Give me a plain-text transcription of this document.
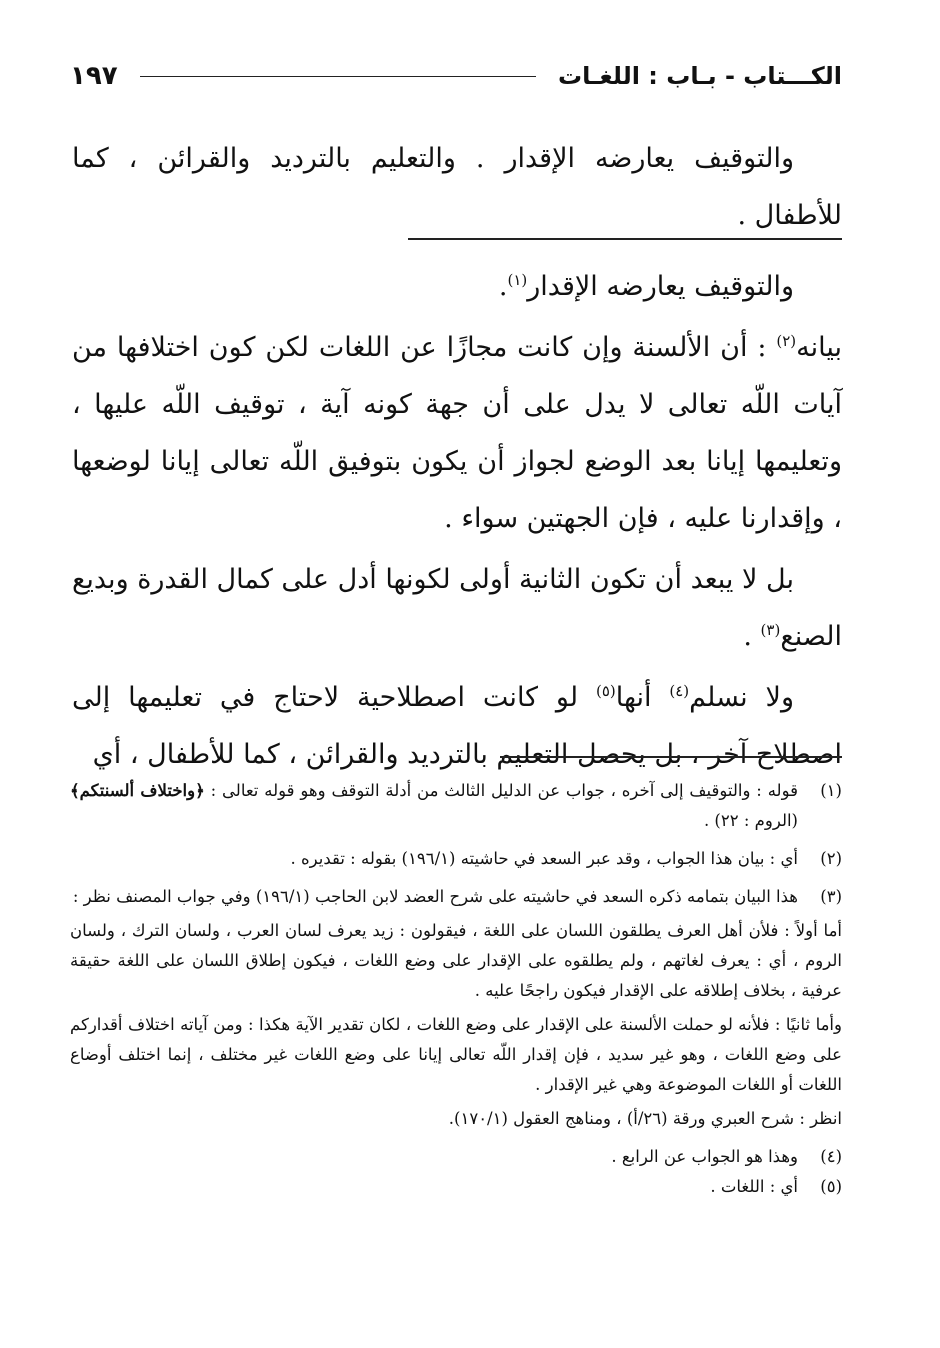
الكـــتاب - بـاب : اللغـات
١٩٧

والتوقيف يعارضه الإقدار . والتعليم بالترديد والقرائن ، كما

للأطفال .

والتوقيف يعارضه الإقدار$^{(١)}$.

بيانه$^{(٢)}$ : أن الألسنة وإن كانت مجازًا عن اللغات لكن كون اختلافها من آيات اللّه تعالى لا يدل على أن جهة كونه آية ، توقيف اللّه عليها ، وتعليمها إيانا بعد الوضع لجواز أن يكون بتوفيق اللّه تعالى إيانا لوضعها ، وإقدارنا عليه ، فإن الجهتين سواء .

بل لا يبعد أن تكون الثانية أولى لكونها أدل على كمال القدرة وبديع الصنع$^{(٣)}$ .

ولا نسلم$^{(٤)}$ أنها$^{(٥)}$ لو كانت اصطلاحية لاحتاج في تعليمها إلى اصطلاح آخر ، بل يحصل التعليم بالترديد والقرائن ، كما للأطفال ، أي

(١)قوله : والتوقيف إلى آخره ، جواب عن الدليل الثالث من أدلة التوقف وهو قوله تعالى : ﴿واختلاف ألسنتكم﴾ (الروم : ٢٢) .

(٢)أي : بيان هذا الجواب ، وقد عبر السعد في حاشيته (١٩٦/١) بقوله : تقديره .

(٣)هذا البيان بتمامه ذكره السعد في حاشيته على شرح العضد لابن الحاجب (١٩٦/١) وفي جواب المصنف نظر :

أما أولاً : فلأن أهل العرف يطلقون اللسان على اللغة ، فيقولون : زيد يعرف لسان العرب ، ولسان الترك ، ولسان الروم ، أي : يعرف لغاتهم ، ولم يطلقوه على الإقدار على وضع اللغات ، فيكون إطلاق اللسان على اللغة حقيقة عرفية ، بخلاف إطلاقه على الإقدار فيكون راجحًا عليه .

وأما ثانيًا : فلأنه لو حملت الألسنة على الإقدار على وضع اللغات ، لكان تقدير الآية هكذا : ومن آياته اختلاف أقداركم على وضع اللغات ، وهو غير سديد ، فإن إقدار اللّه تعالى إيانا على وضع اللغات غير مختلف ، إنما اختلف أوضاع اللغات أو اللغات الموضوعة وهي غير الإقدار .

انظر : شرح العبري ورقة (٢٦/أ) ، ومناهج العقول (١٧٠/١).

(٤)وهذا هو الجواب عن الرابع .

(٥)أي : اللغات .
